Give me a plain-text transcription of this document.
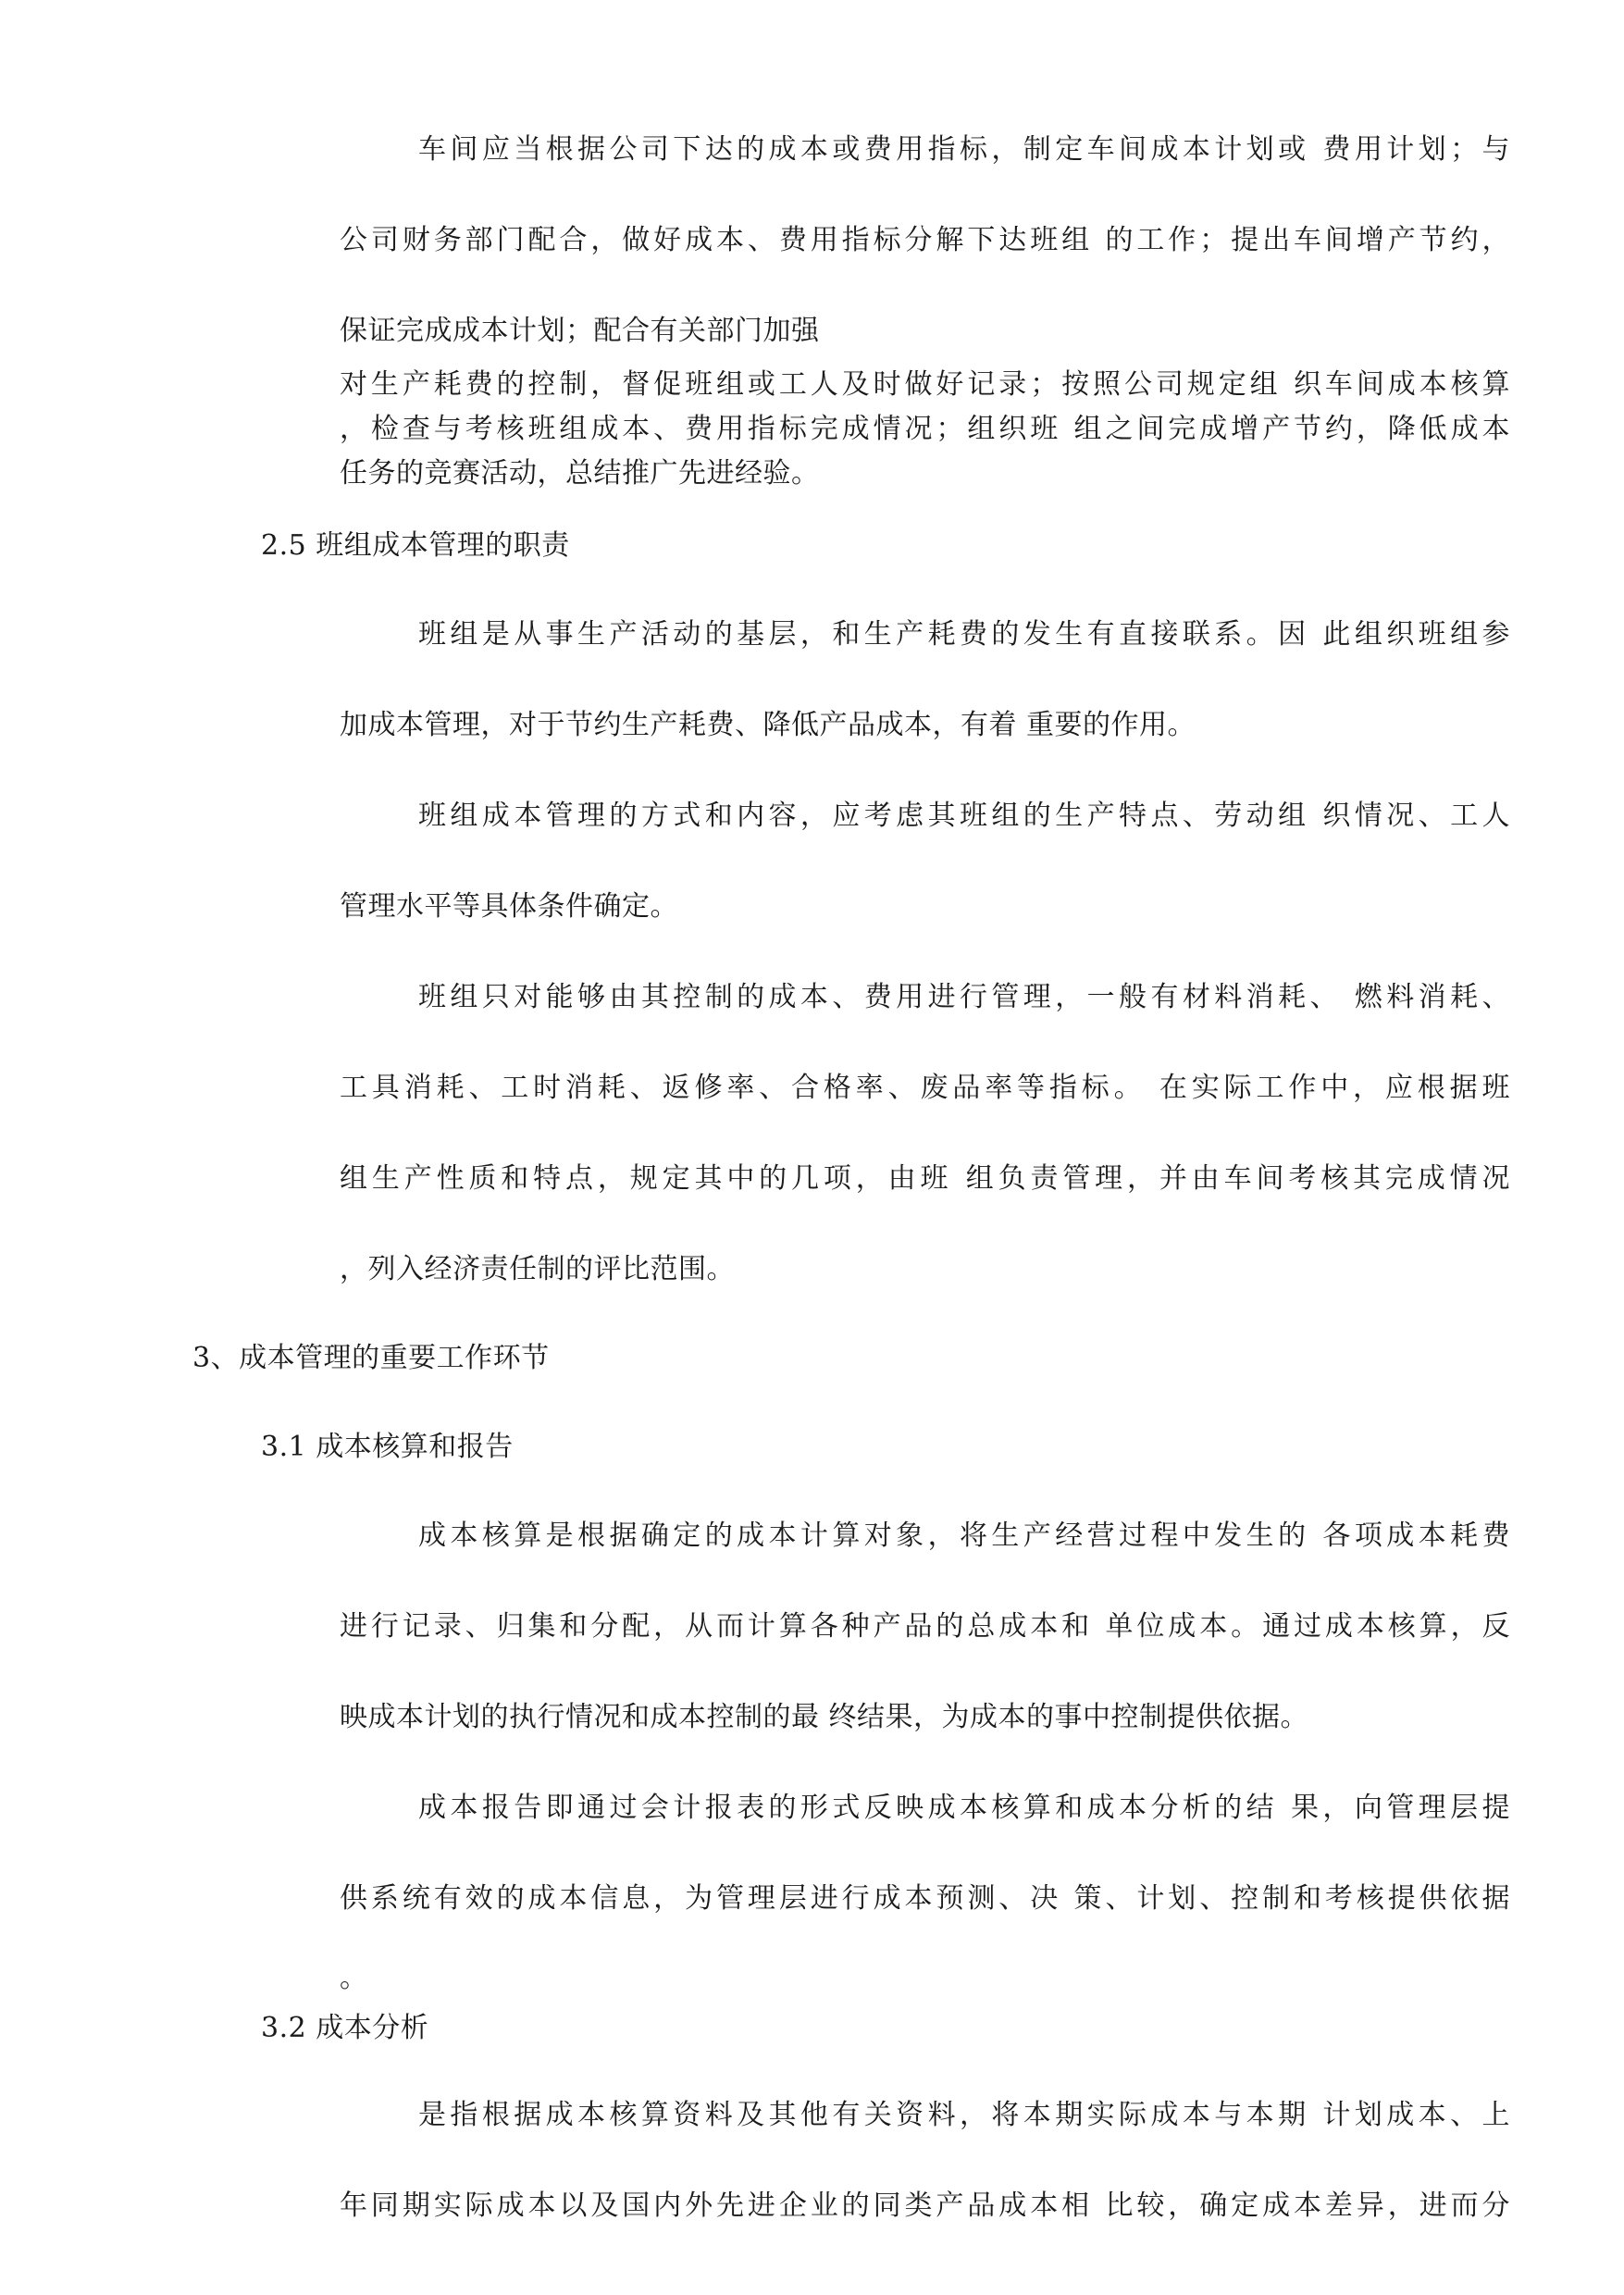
车间应当根据公司下达的成本或费用指标，制定车间成本计划或 费用计划；与
公司财务部门配合，做好成本、费用指标分解下达班组 的工作；提出车间增产节约，
保证完成成本计划；配合有关部门加强
对生产耗费的控制，督促班组或工人及时做好记录；按照公司规定组 织车间成本核算
，检查与考核班组成本、费用指标完成情况；组织班 组之间完成增产节约，降低成本
任务的竞赛活动，总结推广先进经验。
2.5 班组成本管理的职责
班组是从事生产活动的基层，和生产耗费的发生有直接联系。因 此组织班组参
加成本管理，对于节约生产耗费、降低产品成本，有着 重要的作用。
班组成本管理的方式和内容，应考虑其班组的生产特点、劳动组 织情况、工人
管理水平等具体条件确定。
班组只对能够由其控制的成本、费用进行管理，一般有材料消耗、 燃料消耗、
工具消耗、工时消耗、返修率、合格率、废品率等指标。 在实际工作中，应根据班
组生产性质和特点，规定其中的几项，由班 组负责管理，并由车间考核其完成情况
，列入经济责任制的评比范围。
3、成本管理的重要工作环节
3.1 成本核算和报告
成本核算是根据确定的成本计算对象，将生产经营过程中发生的 各项成本耗费
进行记录、归集和分配，从而计算各种产品的总成本和 单位成本。通过成本核算，反
映成本计划的执行情况和成本控制的最 终结果，为成本的事中控制提供依据。
成本报告即通过会计报表的形式反映成本核算和成本分析的结 果，向管理层提
供系统有效的成本信息，为管理层进行成本预测、决 策、计划、控制和考核提供依据
。
3.2 成本分析
是指根据成本核算资料及其他有关资料，将本期实际成本与本期 计划成本、上
年同期实际成本以及国内外先进企业的同类产品成本相 比较，确定成本差异，进而分
